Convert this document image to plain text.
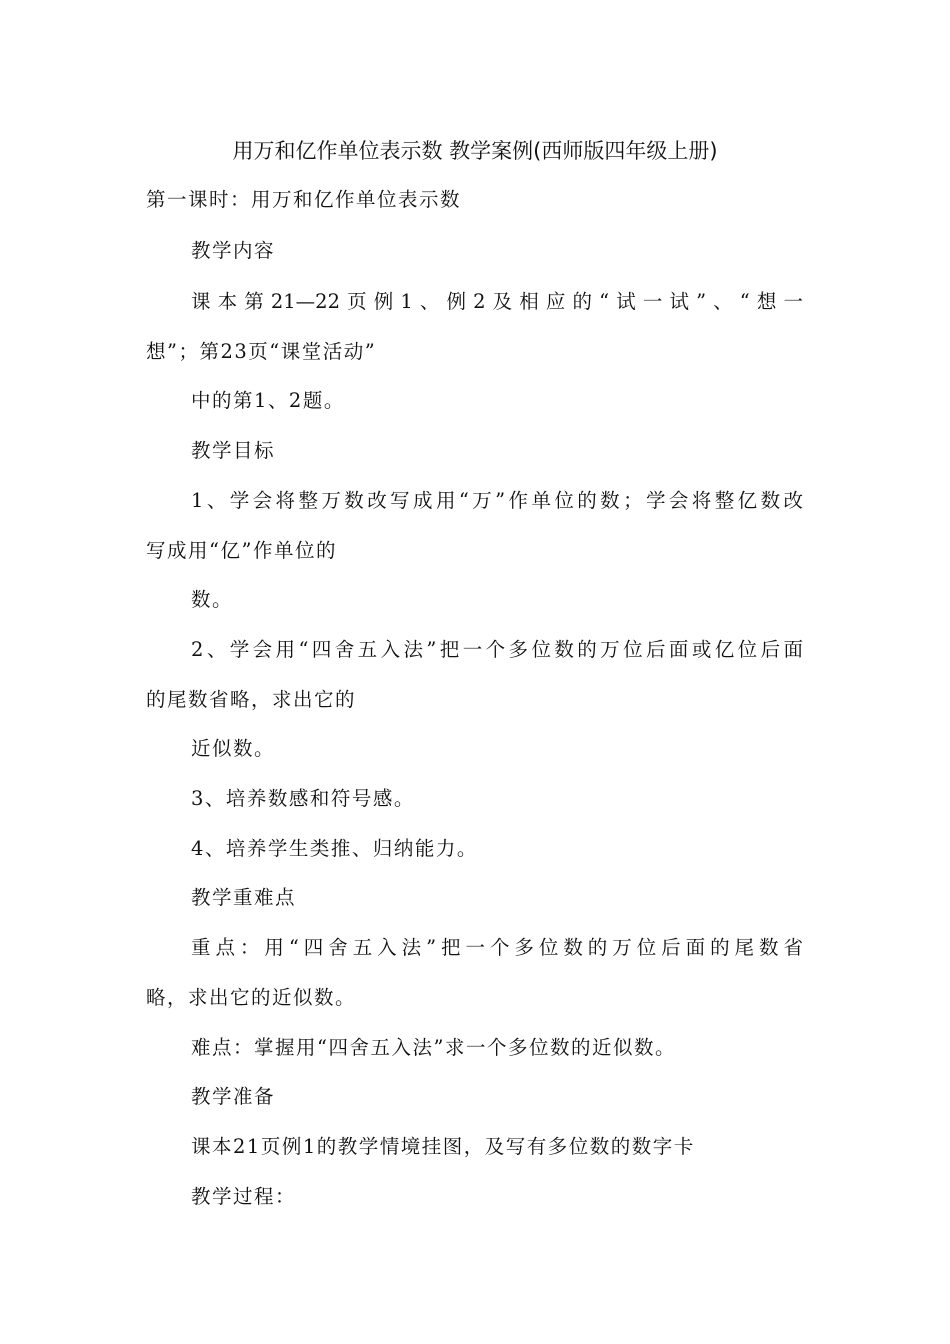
用万和亿作单位表示数 教学案例(西师版四年级上册)
第一课时：用万和亿作单位表示数
教学内容
课本第21—22页例1、例2及相应的“试一试”、“想一
想”；第23页“课堂活动”
中的第1、2题。
教学目标
1、学会将整万数改写成用“万”作单位的数；学会将整亿数改
写成用“亿”作单位的
数。
2、学会用“四舍五入法”把一个多位数的万位后面或亿位后面
的尾数省略，求出它的
近似数。
3、培养数感和符号感。
4、培养学生类推、归纳能力。
教学重难点
重点：用“四舍五入法”把一个多位数的万位后面的尾数省
略，求出它的近似数。
难点：掌握用“四舍五入法”求一个多位数的近似数。
教学准备
课本21页例1的教学情境挂图，及写有多位数的数字卡
教学过程：
